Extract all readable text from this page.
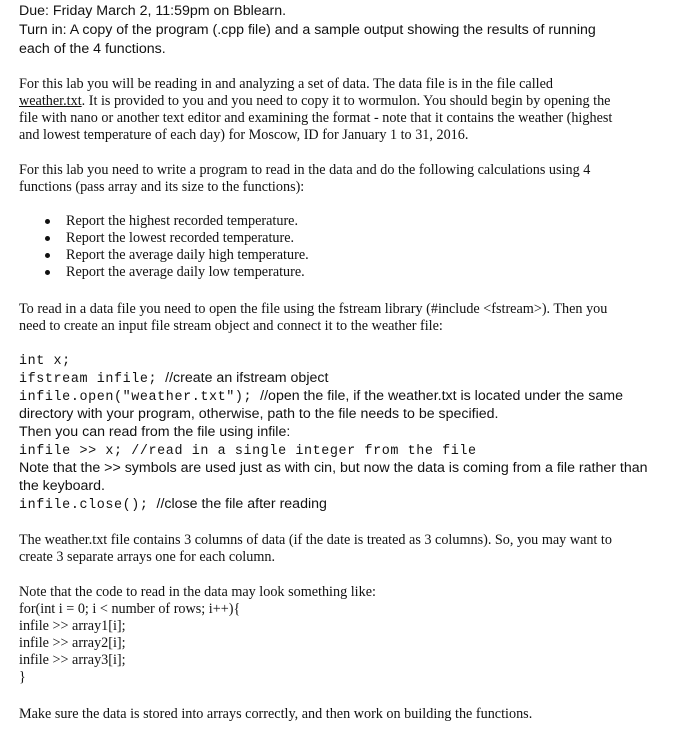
Due: Friday March 2, 11:59pm on Bblearn.
Turn in: A copy of the program (.cpp file) and a sample output showing the results of running
each of the 4 functions.
For this lab you will be reading in and analyzing a set of data. The data file is in the file called
weather.txt. It is provided to you and you need to copy it to wormulon. You should begin by opening the
file with nano or another text editor and examining the format - note that it contains the weather (highest
and lowest temperature of each day) for Moscow, ID for January 1 to 31, 2016.
For this lab you need to write a program to read in the data and do the following calculations using 4
functions (pass array and its size to the functions):
Report the highest recorded temperature.
Report the lowest recorded temperature.
Report the average daily high temperature.
Report the average daily low temperature.
To read in a data file you need to open the file using the fstream library (#include <fstream>). Then you
need to create an input file stream object and connect it to the weather file:
int x;
ifstream infile; //create an ifstream object
infile.open("weather.txt"); //open the file, if the weather.txt is located under the same
directory with your program, otherwise, path to the file needs to be specified.
Then you can read from the file using infile:
infile >> x; //read in a single integer from the file
Note that the >> symbols are used just as with cin, but now the data is coming from a file rather than
the keyboard.
infile.close(); //close the file after reading
The weather.txt file contains 3 columns of data (if the date is treated as 3 columns). So, you may want to
create 3 separate arrays one for each column.
Note that the code to read in the data may look something like:
for(int i = 0; i < number of rows; i++){
infile >> array1[i];
infile >> array2[i];
infile >> array3[i];
}
Make sure the data is stored into arrays correctly, and then work on building the functions.
